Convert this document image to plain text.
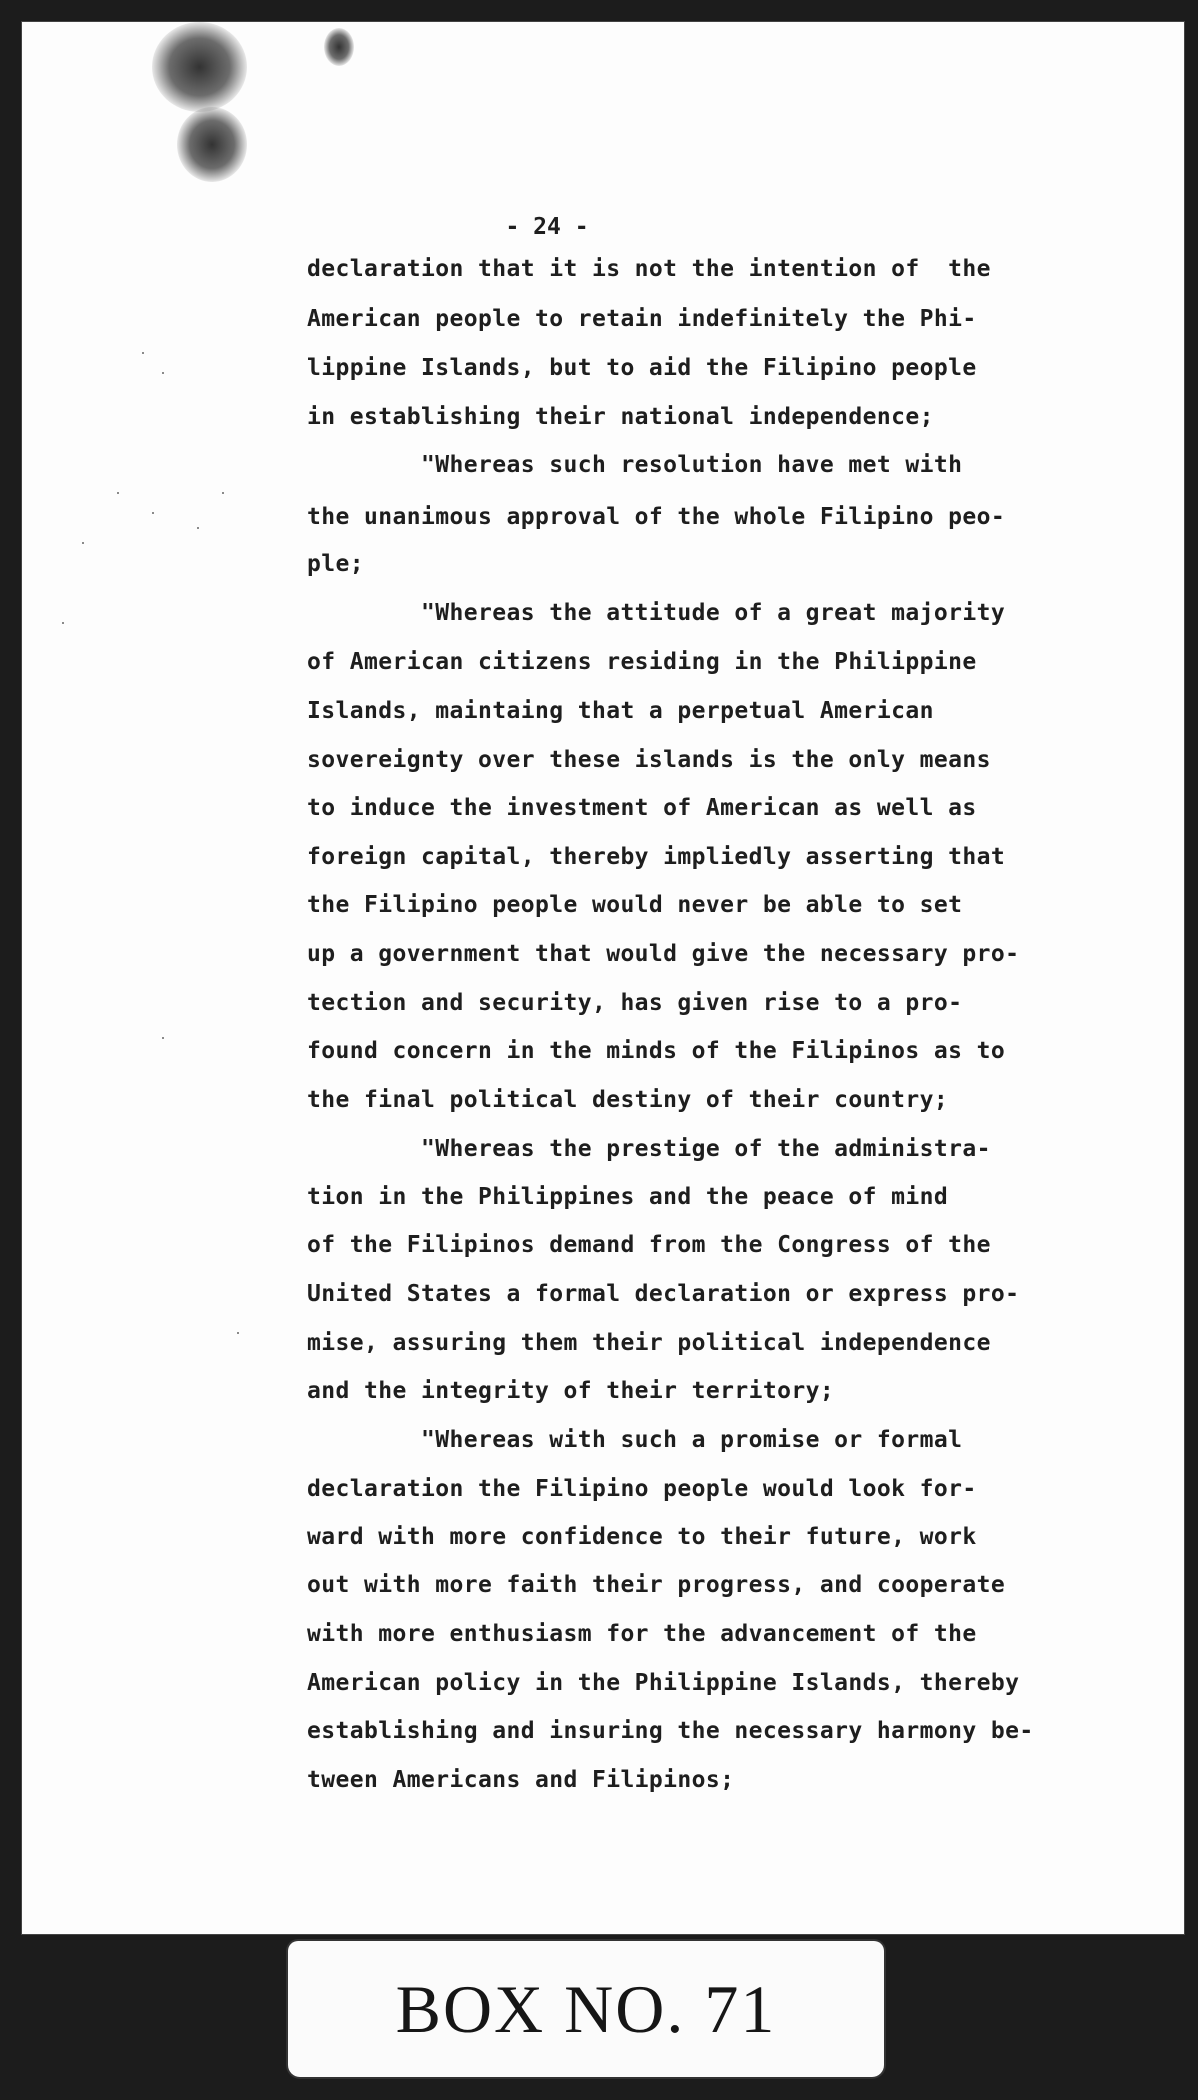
- 24 -
declaration that it is not the intention of  the
American people to retain indefinitely the Phi-
lippine Islands, but to aid the Filipino people
in establishing their national independence;
"Whereas such resolution have met with
the unanimous approval of the whole Filipino peo-
ple;
"Whereas the attitude of a great majority
of American citizens residing in the Philippine
Islands, maintaing that a perpetual American
sovereignty over these islands is the only means
to induce the investment of American as well as
foreign capital, thereby impliedly asserting that
the Filipino people would never be able to set
up a government that would give the necessary pro-
tection and security, has given rise to a pro-
found concern in the minds of the Filipinos as to
the final political destiny of their country;
"Whereas the prestige of the administra-
tion in the Philippines and the peace of mind
of the Filipinos demand from the Congress of the
United States a formal declaration or express pro-
mise, assuring them their political independence
and the integrity of their territory;
"Whereas with such a promise or formal
declaration the Filipino people would look for-
ward with more confidence to their future, work
out with more faith their progress, and cooperate
with more enthusiasm for the advancement of the
American policy in the Philippine Islands, thereby
establishing and insuring the necessary harmony be-
tween Americans and Filipinos;
BOX NO. 71
